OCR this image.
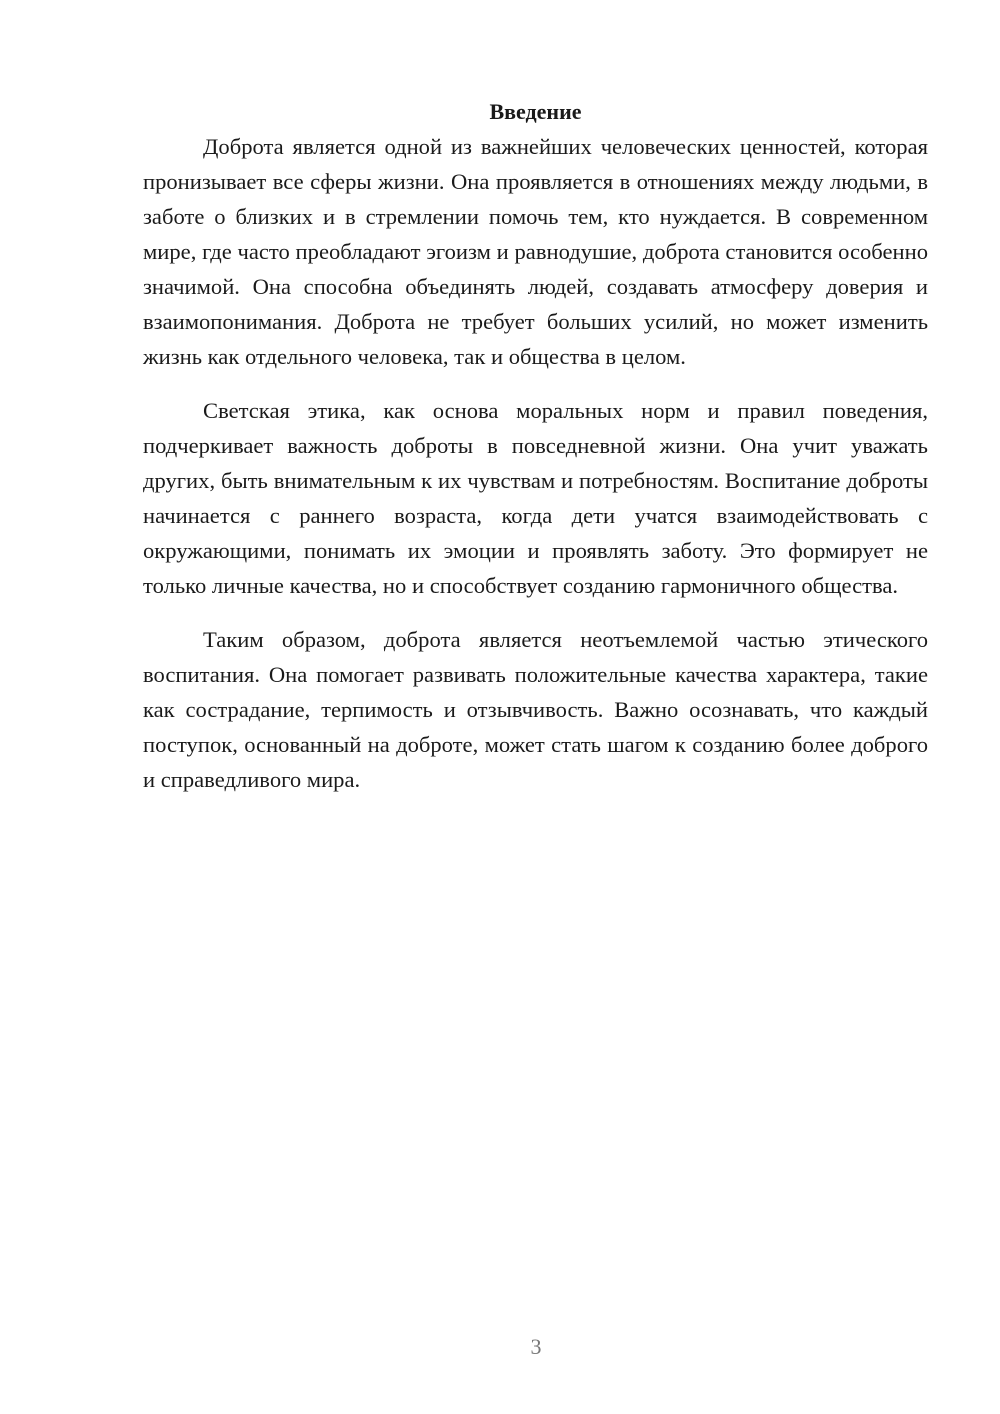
Введение

Доброта является одной из важнейших человеческих ценностей, которая пронизывает все сферы жизни. Она проявляется в отношениях между людьми, в заботе о близких и в стремлении помочь тем, кто нуждается. В современном мире, где часто преобладают эгоизм и равнодушие, доброта становится особенно значимой. Она способна объединять людей, создавать атмосферу доверия и взаимопонимания. Доброта не требует больших усилий, но может изменить жизнь как отдельного человека, так и общества в целом.

Светская этика, как основа моральных норм и правил поведения, подчеркивает важность доброты в повседневной жизни. Она учит уважать других, быть внимательным к их чувствам и потребностям. Воспитание доброты начинается с раннего возраста, когда дети учатся взаимодействовать с окружающими, понимать их эмоции и проявлять заботу. Это формирует не только личные качества, но и способствует созданию гармоничного общества.

Таким образом, доброта является неотъемлемой частью этического воспитания. Она помогает развивать положительные качества характера, такие как сострадание, терпимость и отзывчивость. Важно осознавать, что каждый поступок, основанный на доброте, может стать шагом к созданию более доброго и справедливого мира.

3
